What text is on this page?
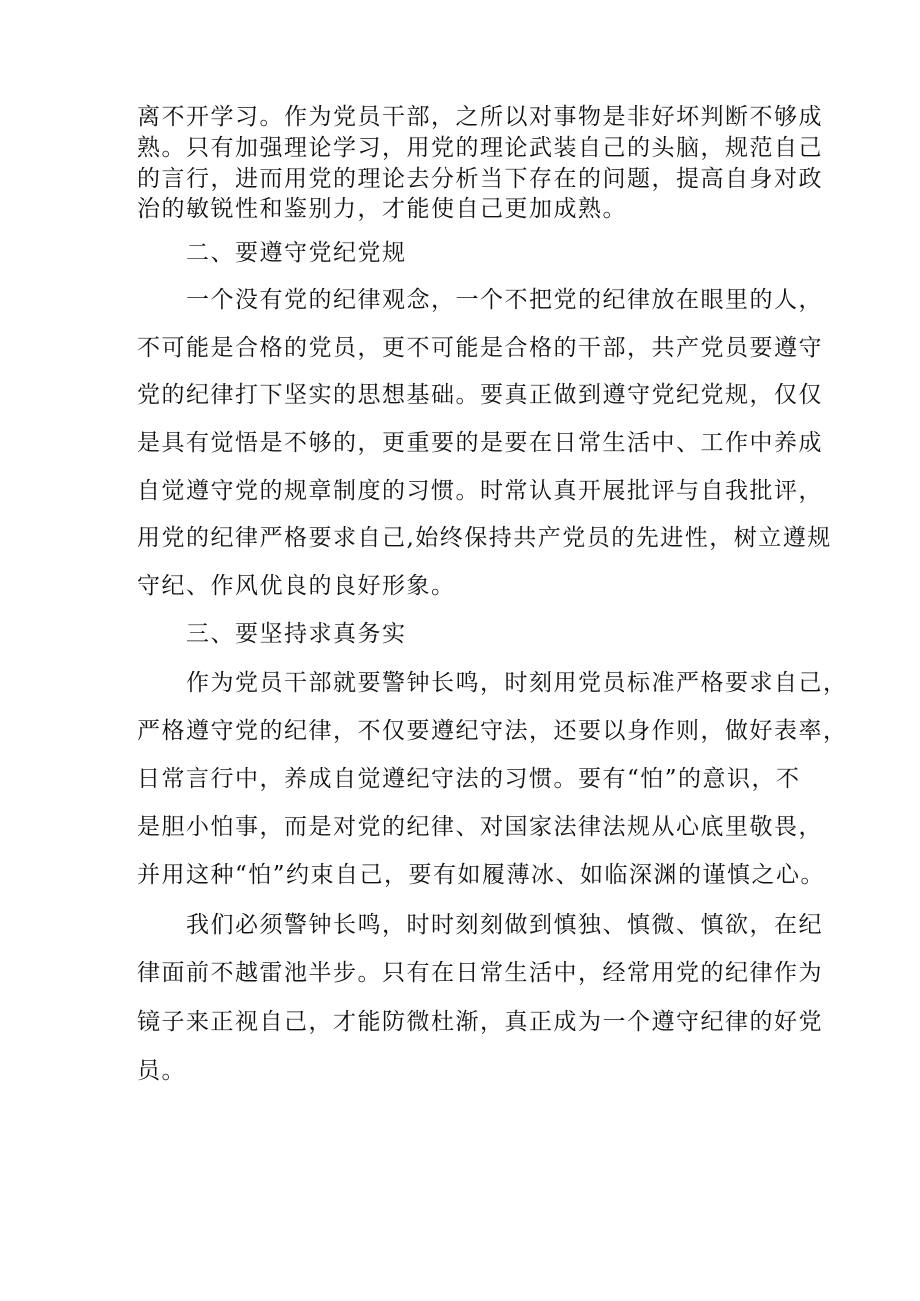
离不开学习。作为党员干部，之所以对事物是非好坏判断不够成
熟。只有加强理论学习，用党的理论武装自己的头脑，规范自己
的言行，进而用党的理论去分析当下存在的问题，提高自身对政
治的敏锐性和鉴别力，才能使自己更加成熟。
二、要遵守党纪党规
一个没有党的纪律观念，一个不把党的纪律放在眼里的人，
不可能是合格的党员，更不可能是合格的干部，共产党员要遵守
党的纪律打下坚实的思想基础。要真正做到遵守党纪党规，仅仅
是具有觉悟是不够的，更重要的是要在日常生活中、工作中养成
自觉遵守党的规章制度的习惯。时常认真开展批评与自我批评，
用党的纪律严格要求自己,始终保持共产党员的先进性，树立遵规
守纪、作风优良的良好形象。
三、要坚持求真务实
作为党员干部就要警钟长鸣，时刻用党员标准严格要求自己，
严格遵守党的纪律，不仅要遵纪守法，还要以身作则，做好表率，
日常言行中，养成自觉遵纪守法的习惯。要有“怕”的意识，不
是胆小怕事，而是对党的纪律、对国家法律法规从心底里敬畏，
并用这种“怕”约束自己，要有如履薄冰、如临深渊的谨慎之心。
我们必须警钟长鸣，时时刻刻做到慎独、慎微、慎欲，在纪
律面前不越雷池半步。只有在日常生活中，经常用党的纪律作为
镜子来正视自己，才能防微杜渐，真正成为一个遵守纪律的好党
员。
